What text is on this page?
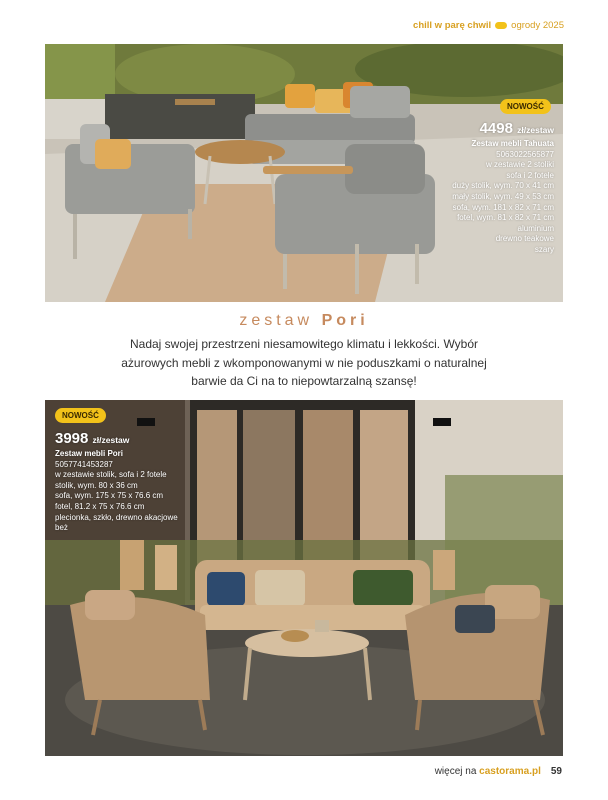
chill w parę chwil ogrody 2025
NOWOŚĆ
4498 zł/zestaw
Zestaw mebli Tahuata
5063022565877
w zestawie 2 stoliki
sofa i 2 fotele
duży stolik, wym. 70 x 41 cm
mały stolik, wym. 49 x 53 cm
sofa, wym. 181 x 82 x 71 cm
fotel, wym. 81 x 82 x 71 cm
aluminium
drewno teakowe
szary
zestaw Pori

Nadaj swojej przestrzeni niesamowitego klimatu i lekkości. Wybór ażurowych mebli z wkomponowanymi w nie poduszkami o naturalnej barwie da Ci na to niepowtarzalną szansę!

NOWOŚĆ
3998 zł/zestaw
Zestaw mebli Pori
5057741453287
w zestawie stolik, sofa i 2 fotele
stolik, wym. 80 x 36 cm
sofa, wym. 175 x 75 x 76.6 cm
fotel, 81.2 x 75 x 76.6 cm
plecionka, szkło, drewno akacjowe
beż
więcej na castorama.pl 59
